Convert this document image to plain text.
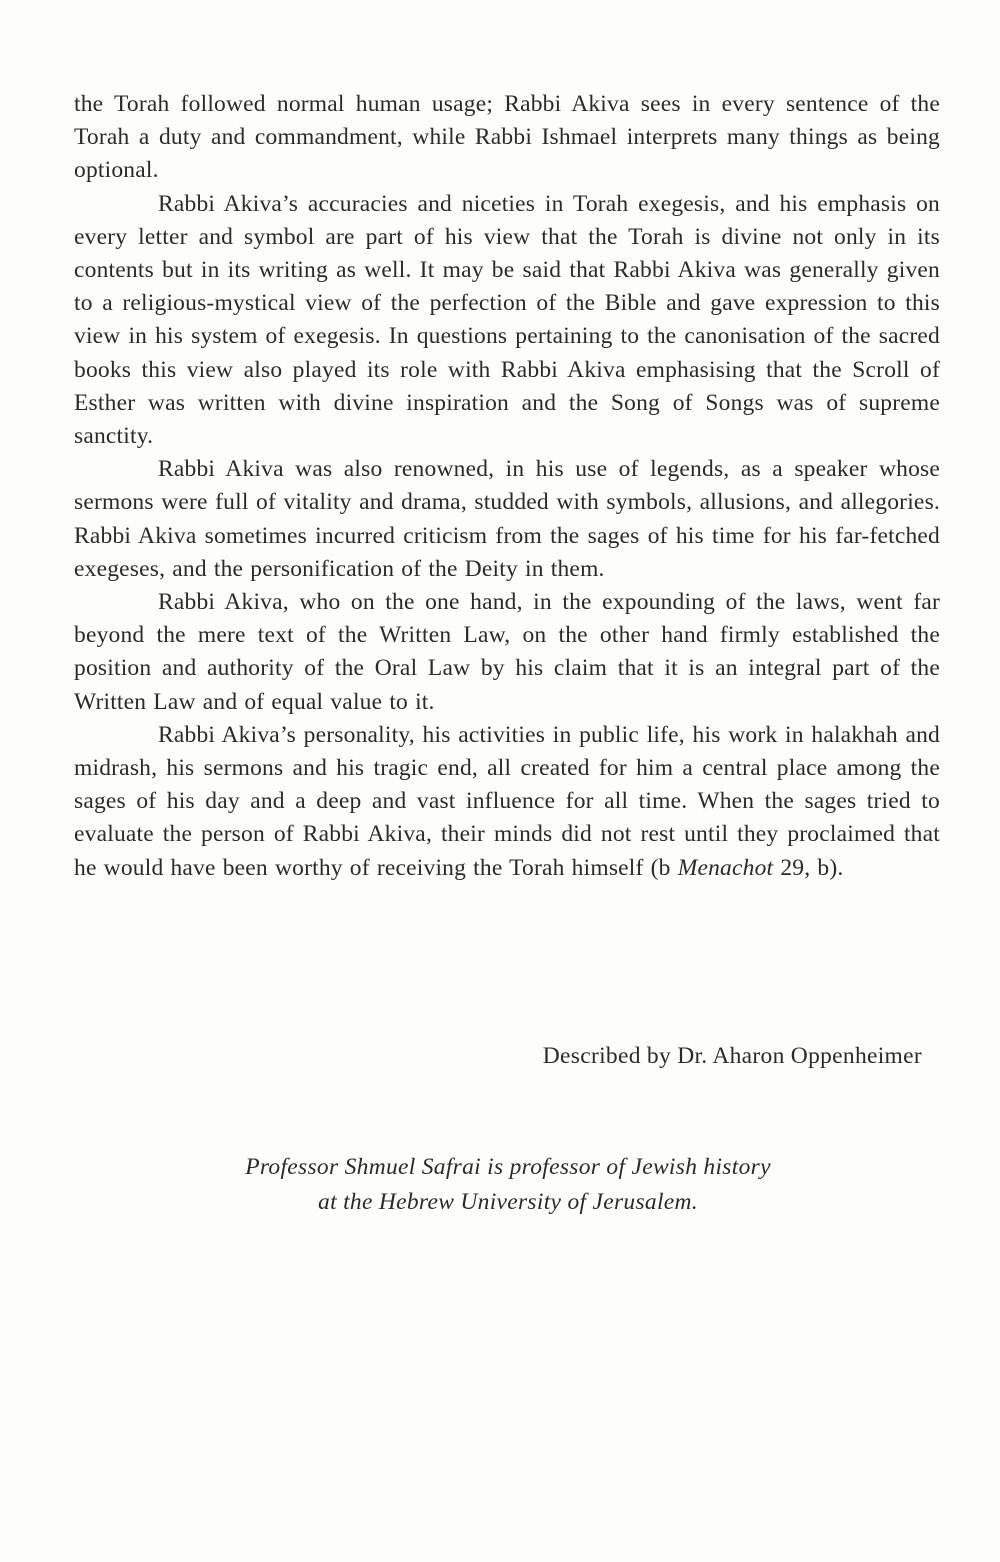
the Torah followed normal human usage; Rabbi Akiva sees in every sentence of the Torah a duty and commandment, while Rabbi Ishmael interprets many things as being optional.

Rabbi Akiva’s accuracies and niceties in Torah exegesis, and his emphasis on every letter and symbol are part of his view that the Torah is divine not only in its contents but in its writing as well. It may be said that Rabbi Akiva was generally given to a religious-mystical view of the perfection of the Bible and gave expression to this view in his system of exegesis. In questions pertaining to the canonisation of the sacred books this view also played its role with Rabbi Akiva emphasising that the Scroll of Esther was written with divine inspiration and the Song of Songs was of supreme sanctity.

Rabbi Akiva was also renowned, in his use of legends, as a speaker whose sermons were full of vitality and drama, studded with symbols, allusions, and allegories. Rabbi Akiva sometimes incurred criticism from the sages of his time for his far-fetched exegeses, and the personification of the Deity in them.

Rabbi Akiva, who on the one hand, in the expounding of the laws, went far beyond the mere text of the Written Law, on the other hand firmly established the position and authority of the Oral Law by his claim that it is an integral part of the Written Law and of equal value to it.

Rabbi Akiva’s personality, his activities in public life, his work in halakhah and midrash, his sermons and his tragic end, all created for him a central place among the sages of his day and a deep and vast influence for all time. When the sages tried to evaluate the person of Rabbi Akiva, their minds did not rest until they proclaimed that he would have been worthy of receiving the Torah himself (b Menachot 29, b).

Described by Dr. Aharon Oppenheimer
Professor Shmuel Safrai is professor of Jewish history
at the Hebrew University of Jerusalem.
